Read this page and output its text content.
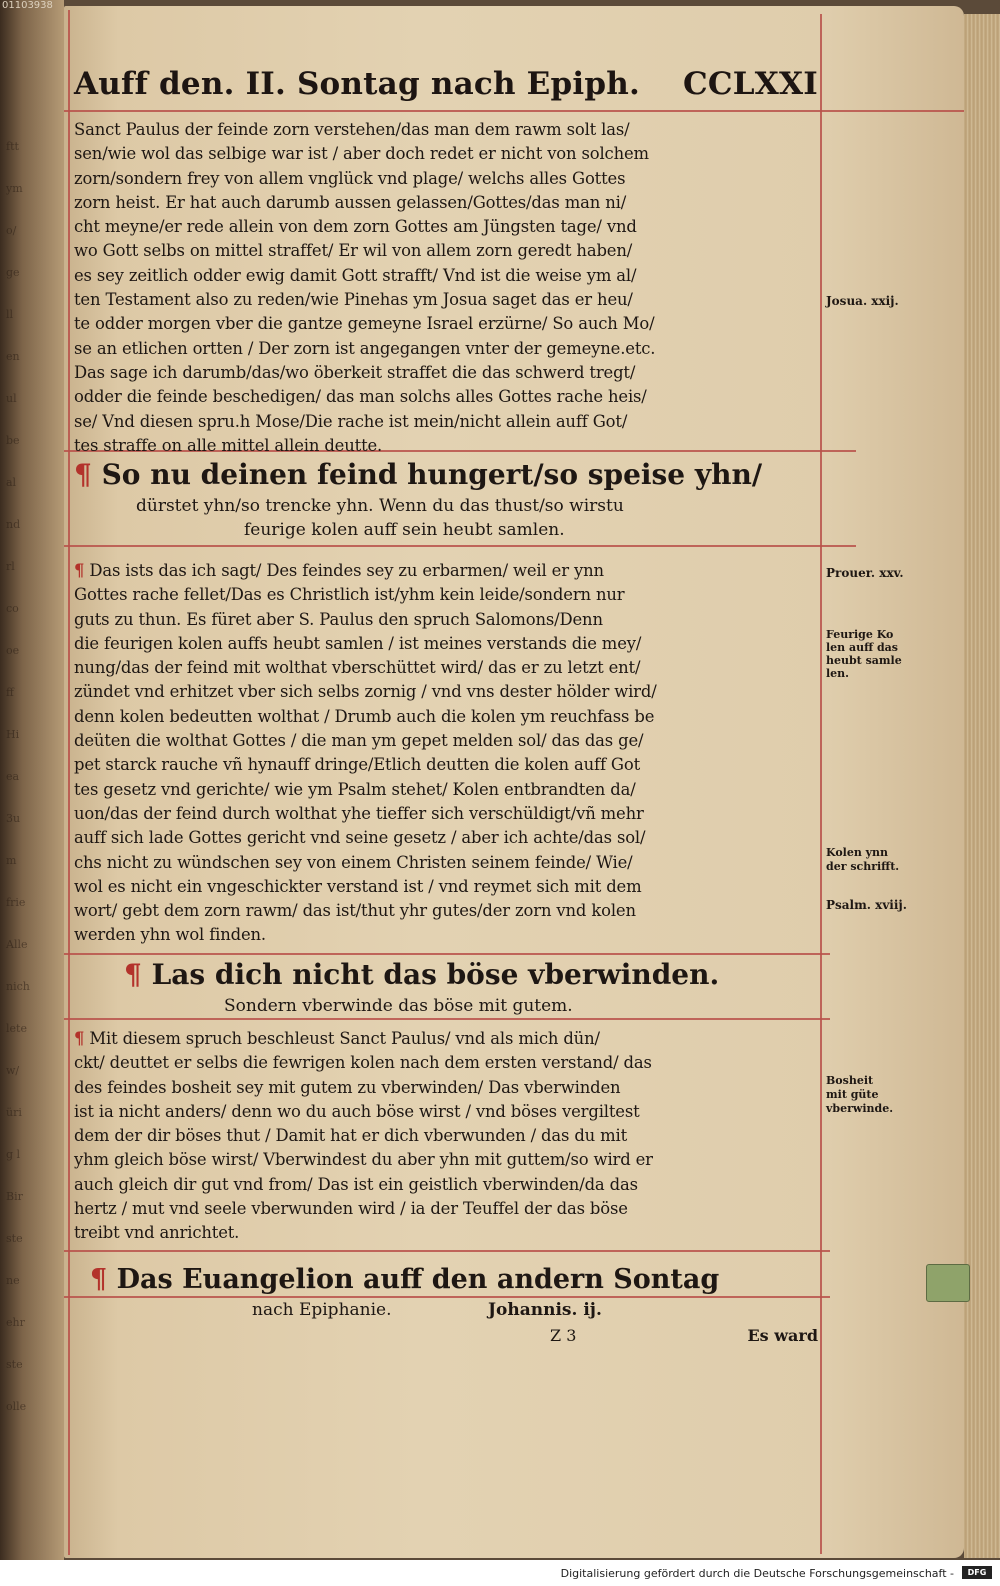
ftt
ym
o/
ge
ll
en
ul
be
al
nd
rl
co
oe
ff
Hi
ea
3u
m
frie
Alle
nich
lete
w/
üri
g l
Bir
ste
ne
ehr
ste
olle
01103938
Auff den. II. Sontag nach Epiph. CCLXXI
Sanct Paulus der feinde zorn verstehen/das man dem rawm solt las/
sen/wie wol das selbige war ist / aber doch redet er nicht von solchem
zorn/sondern frey von allem vnglück vnd plage/ welchs alles Gottes
zorn heist. Er hat auch darumb aussen gelassen/Gottes/das man ni/
cht meyne/er rede allein von dem zorn Gottes am Jüngsten tage/ vnd
wo Gott selbs on mittel straffet/ Er wil von allem zorn geredt haben/
es sey zeitlich odder ewig damit Gott strafft/ Vnd ist die weise ym al/
ten Testament also zu reden/wie Pinehas ym Josua saget das er heu/
te odder morgen vber die gantze gemeyne Israel erzürne/ So auch Mo/
se an etlichen ortten / Der zorn ist angegangen vnter der gemeyne.etc.
Das sage ich darumb/das/wo öberkeit straffet die das schwerd tregt/
odder die feinde beschedigen/ das man solchs alles Gottes rache heis/
se/ Vnd diesen spru.h Mose/Die rache ist mein/nicht allein auff Got/
tes straffe on alle mittel allein deutte.
¶ So nu deinen feind hungert/so speise yhn/
dürstet yhn/so trencke yhn. Wenn du das thust/so wirstu
feurige kolen auff sein heubt samlen.
¶ Das ists das ich sagt/ Des feindes sey zu erbarmen/ weil er ynn
Gottes rache fellet/Das es Christlich ist/yhm kein leide/sondern nur
guts zu thun. Es füret aber S. Paulus den spruch Salomons/Denn
die feurigen kolen auffs heubt samlen / ist meines verstands die mey/
nung/das der feind mit wolthat vberschüttet wird/ das er zu letzt ent/
zündet vnd erhitzet vber sich selbs zornig / vnd vns dester hölder wird/
denn kolen bedeutten wolthat / Drumb auch die kolen ym reuchfass be
deüten die wolthat Gottes / die man ym gepet melden sol/ das das ge/
pet starck rauche vñ hynauff dringe/Etlich deutten die kolen auff Got
tes gesetz vnd gerichte/ wie ym Psalm stehet/ Kolen entbrandten da/
uon/das der feind durch wolthat yhe tieffer sich verschüldigt/vñ mehr
auff sich lade Gottes gericht vnd seine gesetz / aber ich achte/das sol/
chs nicht zu wündschen sey von einem Christen seinem feinde/ Wie/
wol es nicht ein vngeschickter verstand ist / vnd reymet sich mit dem
wort/ gebt dem zorn rawm/ das ist/thut yhr gutes/der zorn vnd kolen
werden yhn wol finden.
¶ Las dich nicht das böse vberwinden.
Sondern vberwinde das böse mit gutem.
¶ Mit diesem spruch beschleust Sanct Paulus/ vnd als mich dün/
ckt/ deuttet er selbs die fewrigen kolen nach dem ersten verstand/ das
des feindes bosheit sey mit gutem zu vberwinden/ Das vberwinden
ist ia nicht anders/ denn wo du auch böse wirst / vnd böses vergiltest
dem der dir böses thut / Damit hat er dich vberwunden / das du mit
yhm gleich böse wirst/ Vberwindest du aber yhn mit guttem/so wird er
auch gleich dir gut vnd from/ Das ist ein geistlich vberwinden/da das
hertz / mut vnd seele vberwunden wird / ia der Teuffel der das böse
treibt vnd anrichtet.
¶ Das Euangelion auff den andern Sontag
nach Epiphanie.	Johannis. ij.
Z 3	Es ward
Josua. xxij.
Prouer. xxv.
Feurige Ko
len auff das
heubt samle
len.
Kolen ynn
der schrifft.
Psalm. xviij.
Bosheit
mit güte
vberwinde.
Digitalisierung gefördert durch die Deutsche Forschungsgemeinschaft -	DFG
